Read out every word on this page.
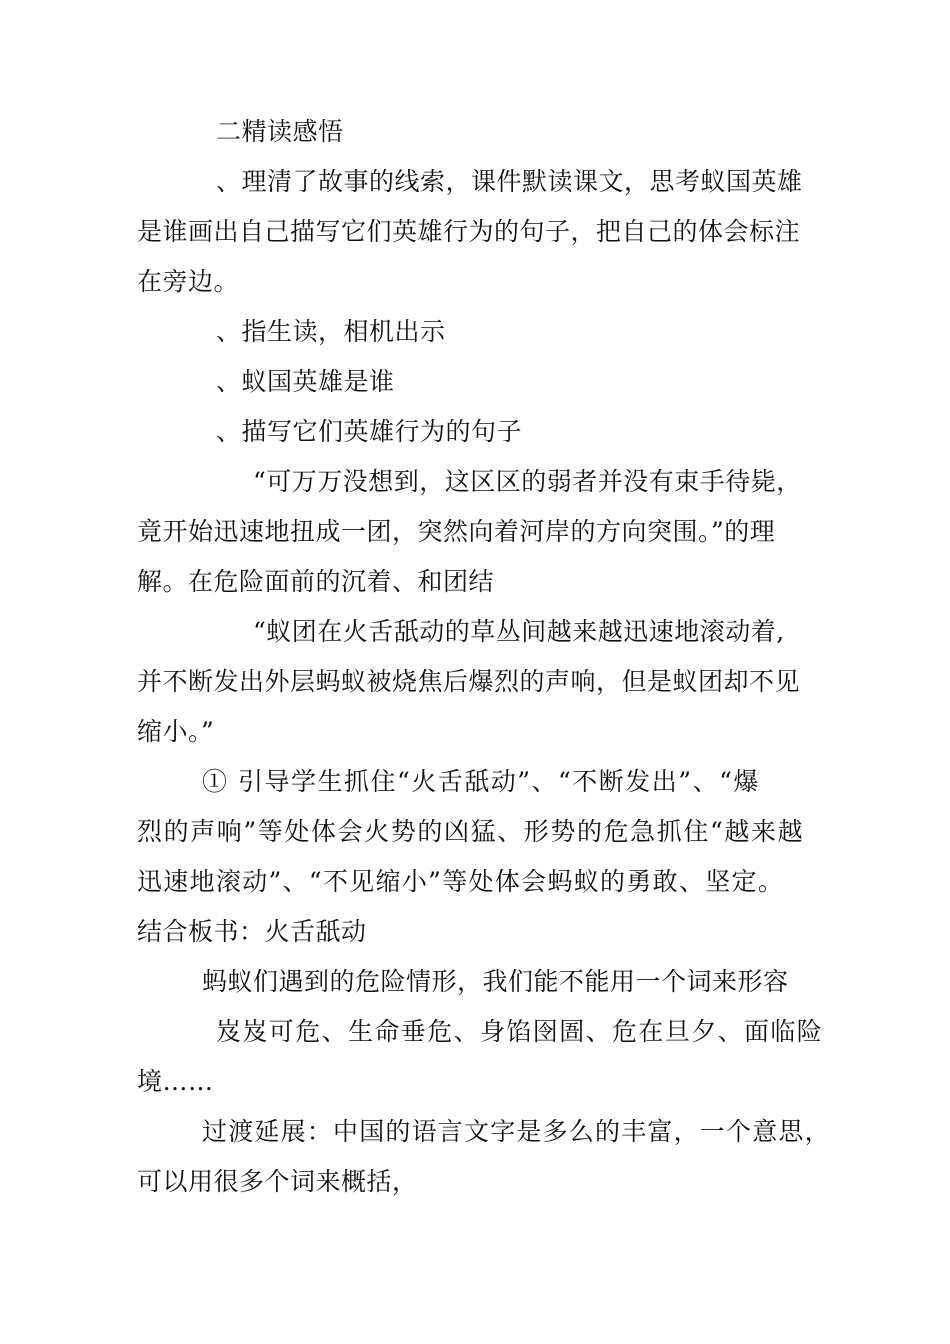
二精读感悟
、理清了故事的线索，课件默读课文，思考蚁国英雄
是谁画出自己描写它们英雄行为的句子，把自己的体会标注
在旁边。
、指生读，相机出示
、蚁国英雄是谁
、描写它们英雄行为的句子
“可万万没想到，这区区的弱者并没有束手待毙，
竟开始迅速地扭成一团，突然向着河岸的方向突围。”的理
解。在危险面前的沉着、和团结
“蚁团在火舌舐动的草丛间越来越迅速地滚动着,
并不断发出外层蚂蚁被烧焦后爆烈的声响，但是蚁团却不见
缩小。”
① 引导学生抓住“火舌舐动”、“不断发出”、“爆
烈的声响”等处体会火势的凶猛、形势的危急抓住“越来越
迅速地滚动”、“不见缩小”等处体会蚂蚁的勇敢、坚定。
结合板书：火舌舐动
蚂蚁们遇到的危险情形，我们能不能用一个词来形容
岌岌可危、生命垂危、身馅囹圄、危在旦夕、面临险
境……
过渡延展：中国的语言文字是多么的丰富，一个意思，
可以用很多个词来概括，
